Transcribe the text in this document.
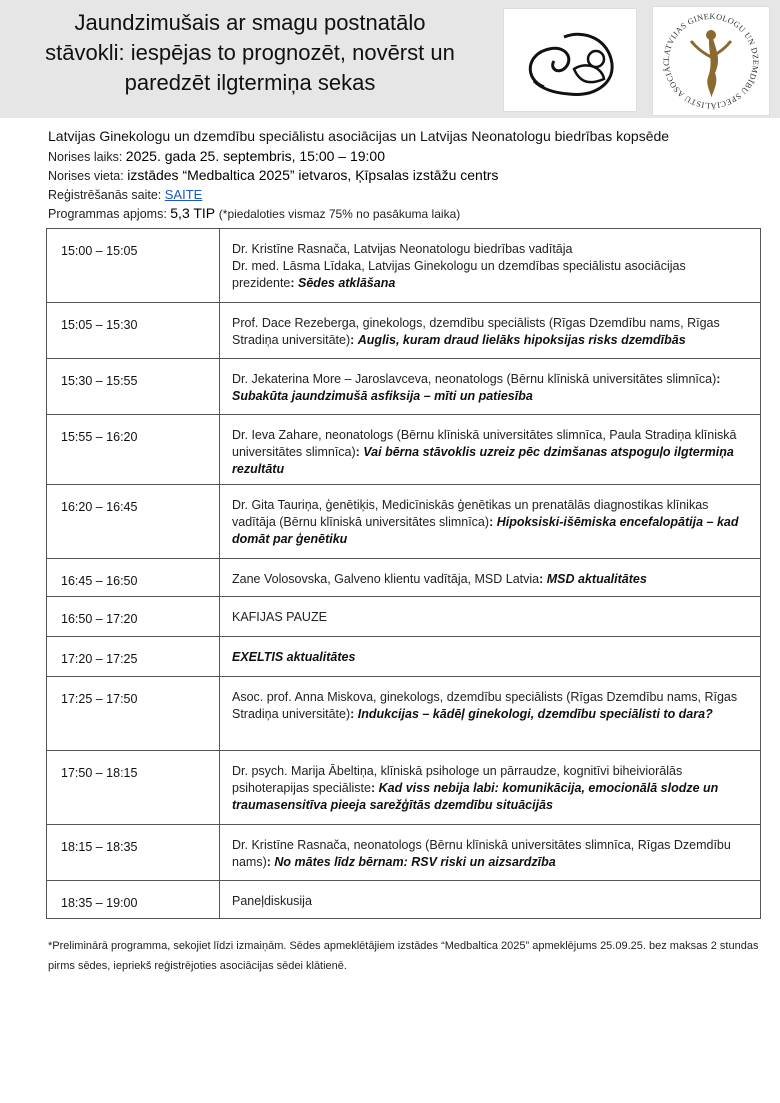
Jaundzimušais ar smagu postnatālo
stāvokli: iespējas to prognozēt, novērst un
paredzēt ilgtermiņa sekas
LATVIJAS GINEKOLOGU UN DZEMDĪBU SPECIĀLISTU ASOCIĀC
Latvijas Ginekologu un dzemdību speciālistu asociācijas un Latvijas Neonatologu biedrības kopsēde
Norises laiks: 2025. gada 25. septembris, 15:00 – 19:00
Norises vieta: izstādes “Medbaltica 2025” ietvaros, Ķīpsalas izstāžu centrs
Reģistrēšanās saite: SAITE
Programmas apjoms: 5,3 TIP (*piedaloties vismaz 75% no pasākuma laika)
15:00 – 15:05	Dr. Kristīne Rasnača, Latvijas Neonatologu biedrības vadītāja
Dr. med. Lāsma Līdaka, Latvijas Ginekologu un dzemdības speciālistu asociācijas prezidente: Sēdes atklāšana
15:05 – 15:30	Prof. Dace Rezeberga, ginekologs, dzemdību speciālists (Rīgas Dzemdību nams, Rīgas Stradiņa universitāte): Auglis, kuram draud lielāks hipoksijas risks dzemdībās
15:30 – 15:55	Dr. Jekaterina More – Jaroslavceva, neonatologs (Bērnu klīniskā universitātes slimnīca): Subakūta jaundzimušā asfiksija – mīti un patiesība
15:55 – 16:20	Dr. Ieva Zahare, neonatologs (Bērnu klīniskā universitātes slimnīca, Paula Stradiņa klīniskā universitātes slimnīca): Vai bērna stāvoklis uzreiz pēc dzimšanas atspoguļo ilgtermiņa rezultātu
16:20 – 16:45	Dr. Gita Tauriņa, ģenētiķis, Medicīniskās ģenētikas un prenatālās diagnostikas klīnikas vadītāja (Bērnu klīniskā universitātes slimnīca): Hipoksiski-išēmiska encefalopātija – kad domāt par ģenētiku
16:45 – 16:50	Zane Volosovska, Galveno klientu vadītāja, MSD Latvia: MSD aktualitātes
16:50 – 17:20	KAFIJAS PAUZE
17:20 – 17:25	EXELTIS aktualitātes
17:25 – 17:50	Asoc. prof. Anna Miskova, ginekologs, dzemdību speciālists (Rīgas Dzemdību nams, Rīgas Stradiņa universitāte): Indukcijas – kādēļ ginekologi, dzemdību speciālisti to dara?
17:50 – 18:15	Dr. psych. Marija Ābeltiņa, klīniskā psihologe un pārraudze, kognitīvi biheiviorālās psihoterapijas speciāliste: Kad viss nebija labi: komunikācija, emocionālā slodze un traumasensitīva pieeja sarežģītās dzemdību situācijās
18:15 – 18:35	Dr. Kristīne Rasnača, neonatologs (Bērnu klīniskā universitātes slimnīca, Rīgas Dzemdību nams): No mātes līdz bērnam: RSV riski un aizsardzība
18:35 – 19:00	Paneļdiskusija
*Preliminārā programma, sekojiet līdzi izmaiņām. Sēdes apmeklētājiem izstādes “Medbaltica 2025” apmeklējums 25.09.25. bez maksas 2 stundas pirms sēdes, iepriekš reģistrējoties asociācijas sēdei klātienē.
